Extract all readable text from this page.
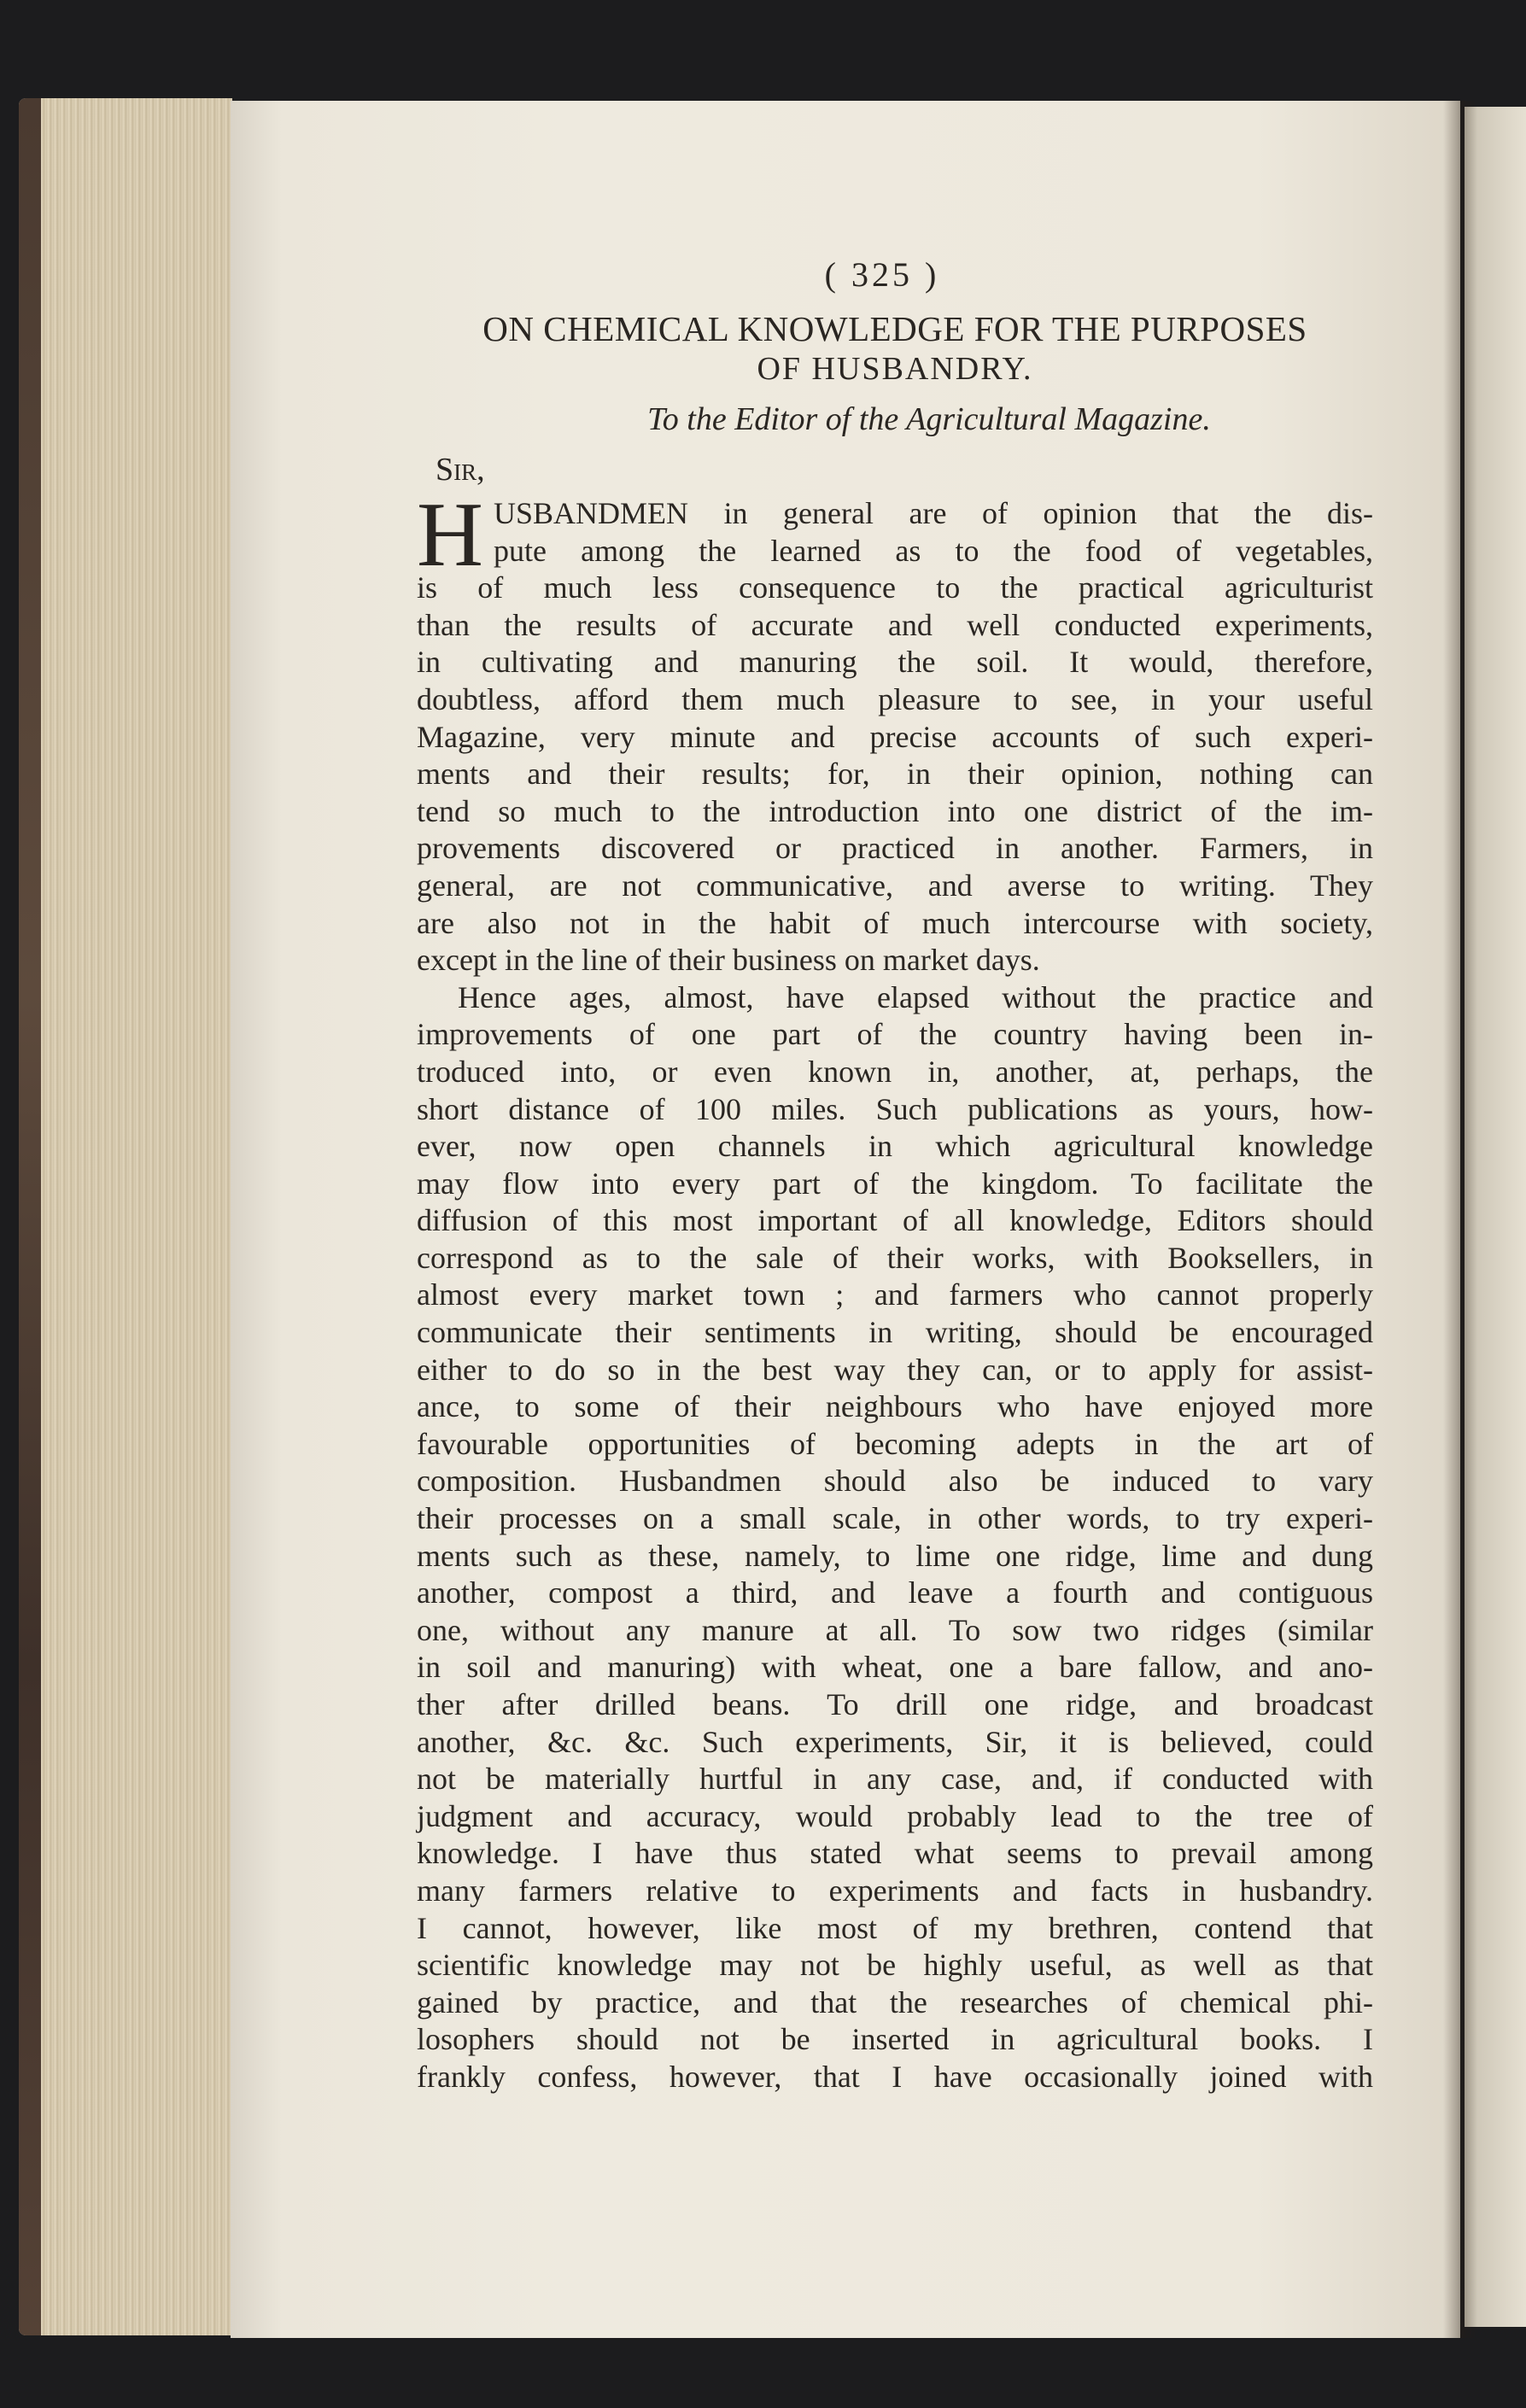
( 325 )
ON CHEMICAL KNOWLEDGE FOR THE PURPOSES
OF HUSBANDRY.
To the Editor of the Agricultural Magazine.
Sir,
H USBANDMEN in general are of opinion that the dis-
pute among the learned as to the food of vegetables,
is of much less consequence to the practical agriculturist
than the results of accurate and well conducted experiments,
in cultivating and manuring the soil. It would, therefore,
doubtless, afford them much pleasure to see, in your useful
Magazine, very minute and precise accounts of such experi-
ments and their results; for, in their opinion, nothing can
tend so much to the introduction into one district of the im-
provements discovered or practiced in another. Farmers, in
general, are not communicative, and averse to writing. They
are also not in the habit of much intercourse with society,
except in the line of their business on market days.
Hence ages, almost, have elapsed without the practice and
improvements of one part of the country having been in-
troduced into, or even known in, another, at, perhaps, the
short distance of 100 miles. Such publications as yours, how-
ever, now open channels in which agricultural knowledge
may flow into every part of the kingdom. To facilitate the
diffusion of this most important of all knowledge, Editors should
correspond as to the sale of their works, with Booksellers, in
almost every market town ; and farmers who cannot properly
communicate their sentiments in writing, should be encouraged
either to do so in the best way they can, or to apply for assist-
ance, to some of their neighbours who have enjoyed more
favourable opportunities of becoming adepts in the art of
composition. Husbandmen should also be induced to vary
their processes on a small scale, in other words, to try experi-
ments such as these, namely, to lime one ridge, lime and dung
another, compost a third, and leave a fourth and contiguous
one, without any manure at all. To sow two ridges (similar
in soil and manuring) with wheat, one a bare fallow, and ano-
ther after drilled beans. To drill one ridge, and broadcast
another, &c. &c. Such experiments, Sir, it is believed, could
not be materially hurtful in any case, and, if conducted with
judgment and accuracy, would probably lead to the tree of
knowledge. I have thus stated what seems to prevail among
many farmers relative to experiments and facts in husbandry.
I cannot, however, like most of my brethren, contend that
scientific knowledge may not be highly useful, as well as that
gained by practice, and that the researches of chemical phi-
losophers should not be inserted in agricultural books. I
frankly confess, however, that I have occasionally joined with
